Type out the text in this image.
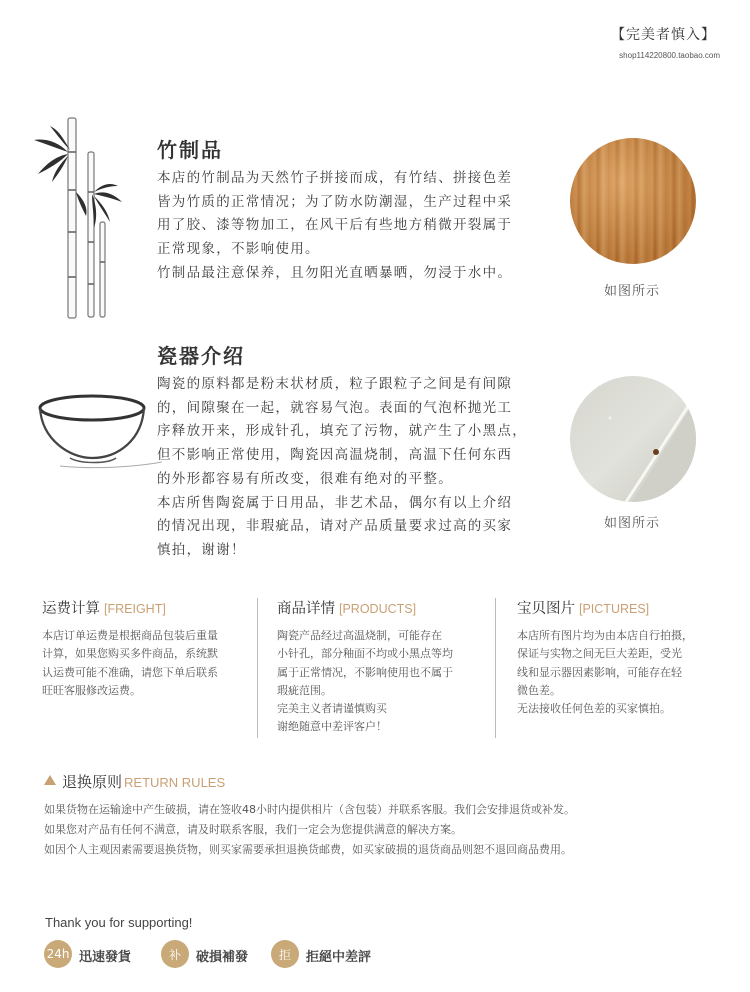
【完美者慎入】
shop114220800.taobao.com
竹制品
本店的竹制品为天然竹子拼接而成，有竹结、拼接色差
皆为竹质的正常情况；为了防水防潮湿，生产过程中采
用了胶、漆等物加工，在风干后有些地方稍微开裂属于
正常现象，不影响使用。
竹制品最注意保养，且勿阳光直晒暴晒，勿浸于水中。
如图所示
瓷器介绍
陶瓷的原料都是粉末状材质，粒子跟粒子之间是有间隙
的，间隙聚在一起，就容易气泡。表面的气泡杯抛光工
序释放开来，形成针孔，填充了污物，就产生了小黑点，
但不影响正常使用，陶瓷因高温烧制，高温下任何东西
的外形都容易有所改变，很难有绝对的平整。
本店所售陶瓷属于日用品，非艺术品，偶尔有以上介绍
的情况出现，非瑕疵品，请对产品质量要求过高的买家
慎拍，谢谢！
如图所示
运费计算 [FREIGHT]
本店订单运费是根据商品包装后重量
计算，如果您购买多件商品，系统默
认运费可能不准确，请您下单后联系
旺旺客服修改运费。
商品详情 [PRODUCTS]
陶瓷产品经过高温烧制，可能存在
小针孔，部分釉面不均或小黑点等均
属于正常情况，不影响使用也不属于
瑕疵范围。
完美主义者请谨慎购买
谢绝随意中差评客户！
宝贝图片 [PICTURES]
本店所有图片均为由本店自行拍摄，
保证与实物之间无巨大差距，受光
线和显示器因素影响，可能存在轻
微色差。
无法接收任何色差的买家慎拍。
退换原则 RETURN RULES
如果货物在运输途中产生破损，请在签收48小时内提供相片（含包装）并联系客服。我们会安排退货或补发。
如果您对产品有任何不满意，请及时联系客服，我们一定会为您提供满意的解决方案。
如因个人主观因素需要退换货物，则买家需要承担退换货邮费，如买家破损的退货商品则恕不退回商品费用。
Thank you for supporting!
24h 迅速發貨	补	破損補發	拒	拒絕中差評
